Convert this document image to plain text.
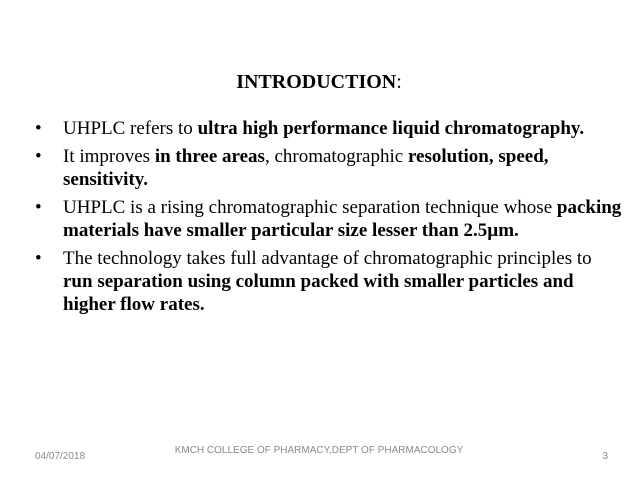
INTRODUCTION:
• UHPLC refers to ultra high performance liquid chromatography.
• It improves in three areas, chromatographic resolution, speed, sensitivity.
• UHPLC is a rising chromatographic separation technique whose packing materials have smaller particular size lesser than 2.5µm.
• The technology takes full advantage of chromatographic principles to run separation using column packed with smaller particles and higher flow rates.
04/07/2018
KMCH COLLEGE OF PHARMACY,DEPT OF PHARMACOLOGY
3
